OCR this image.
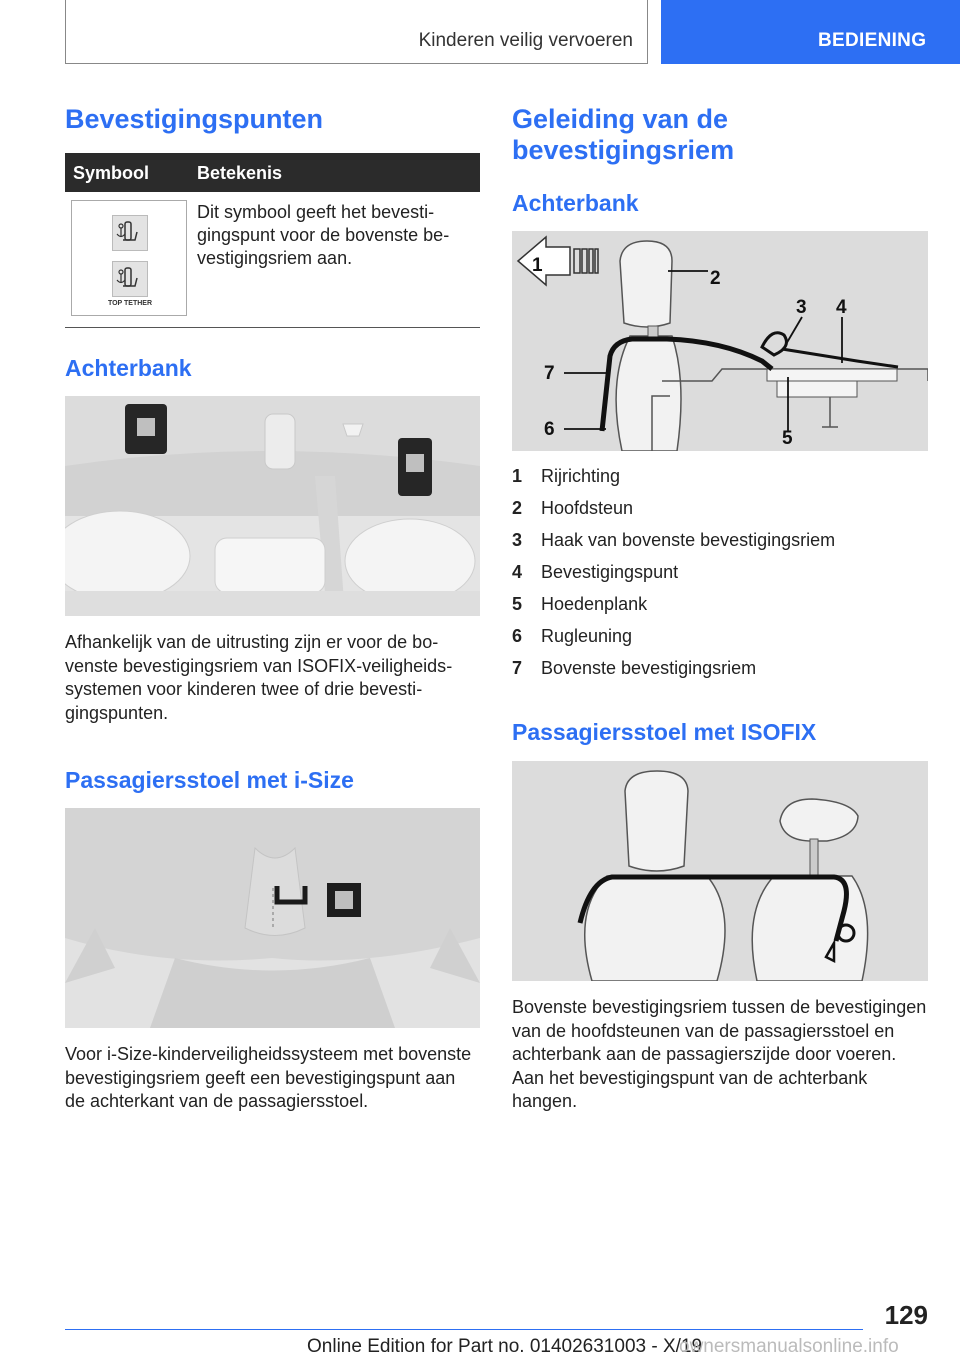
Kinderen veilig vervoeren	BEDIENING
Bevestigingspunten
Symbool	Betekenis
TOP TETHER
Dit symbool geeft het bevestigingspunt voor de bovenste bevestigingsriem aan.
Achterbank

Afhankelijk van de uitrusting zijn er voor de bovenste bevestigingsriem van ISOFIX-veiligheidssystemen voor kinderen twee of drie bevestigingspunten.

Passagiersstoel met i-Size

Voor i-Size-kinderveiligheidssysteem met bovenste bevestigingsriem geeft een bevestigingspunt aan de achterkant van de passagiersstoel.

Geleiding van de bevestigingsriem
Achterbank
1
2
3 4
5
6
7
1 Rijrichting
2 Hoofdsteun
3 Haak van bovenste bevestigingsriem
4 Bevestigingspunt
5 Hoedenplank
6 Rugleuning
7 Bovenste bevestigingsriem
Passagiersstoel met ISOFIX

Bovenste bevestigingsriem tussen de bevestigingen van de hoofdsteunen van de passagiersstoel en achterbank aan de passagierszijde door voeren. Aan het bevestigingspunt van de achterbank hangen.

129
Online Edition for Part no. 01402631003 - X/19
ownersmanualsonline.info
